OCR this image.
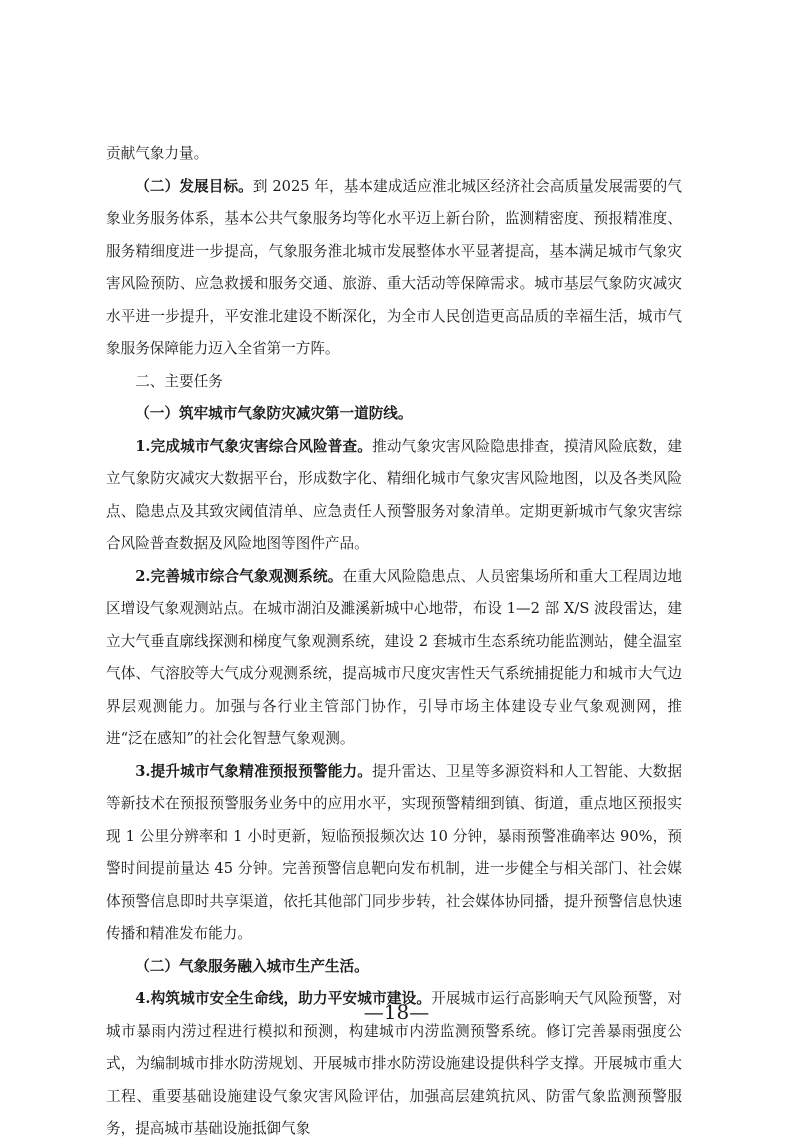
贡献气象力量。

（二）发展目标。到 2025 年，基本建成适应淮北城区经济社会高质量发展需要的气象业务服务体系，基本公共气象服务均等化水平迈上新台阶，监测精密度、预报精准度、服务精细度进一步提高，气象服务淮北城市发展整体水平显著提高，基本满足城市气象灾害风险预防、应急救援和服务交通、旅游、重大活动等保障需求。城市基层气象防灾减灾水平进一步提升，平安淮北建设不断深化，为全市人民创造更高品质的幸福生活，城市气象服务保障能力迈入全省第一方阵。

二、主要任务

（一）筑牢城市气象防灾减灾第一道防线。

1.完成城市气象灾害综合风险普查。推动气象灾害风险隐患排查，摸清风险底数，建立气象防灾减灾大数据平台，形成数字化、精细化城市气象灾害风险地图，以及各类风险点、隐患点及其致灾阈值清单、应急责任人预警服务对象清单。定期更新城市气象灾害综合风险普查数据及风险地图等图件产品。

2.完善城市综合气象观测系统。在重大风险隐患点、人员密集场所和重大工程周边地区增设气象观测站点。在城市湖泊及濉溪新城中心地带，布设 1—2 部 X/S 波段雷达，建立大气垂直廓线探测和梯度气象观测系统，建设 2 套城市生态系统功能监测站，健全温室气体、气溶胶等大气成分观测系统，提高城市尺度灾害性天气系统捕捉能力和城市大气边界层观测能力。加强与各行业主管部门协作，引导市场主体建设专业气象观测网，推进“泛在感知”的社会化智慧气象观测。

3.提升城市气象精准预报预警能力。提升雷达、卫星等多源资料和人工智能、大数据等新技术在预报预警服务业务中的应用水平，实现预警精细到镇、街道，重点地区预报实现 1 公里分辨率和 1 小时更新，短临预报频次达 10 分钟，暴雨预警准确率达 90%，预警时间提前量达 45 分钟。完善预警信息靶向发布机制，进一步健全与相关部门、社会媒体预警信息即时共享渠道，依托其他部门同步步转，社会媒体协同播，提升预警信息快速传播和精准发布能力。

（二）气象服务融入城市生产生活。

4.构筑城市安全生命线，助力平安城市建设。开展城市运行高影响天气风险预警，对城市暴雨内涝过程进行模拟和预测，构建城市内涝监测预警系统。修订完善暴雨强度公式，为编制城市排水防涝规划、开展城市排水防涝设施建设提供科学支撑。开展城市重大工程、重要基础设施建设气象灾害风险评估，加强高层建筑抗风、防雷气象监测预警服务，提高城市基础设施抵御气象

—18—
